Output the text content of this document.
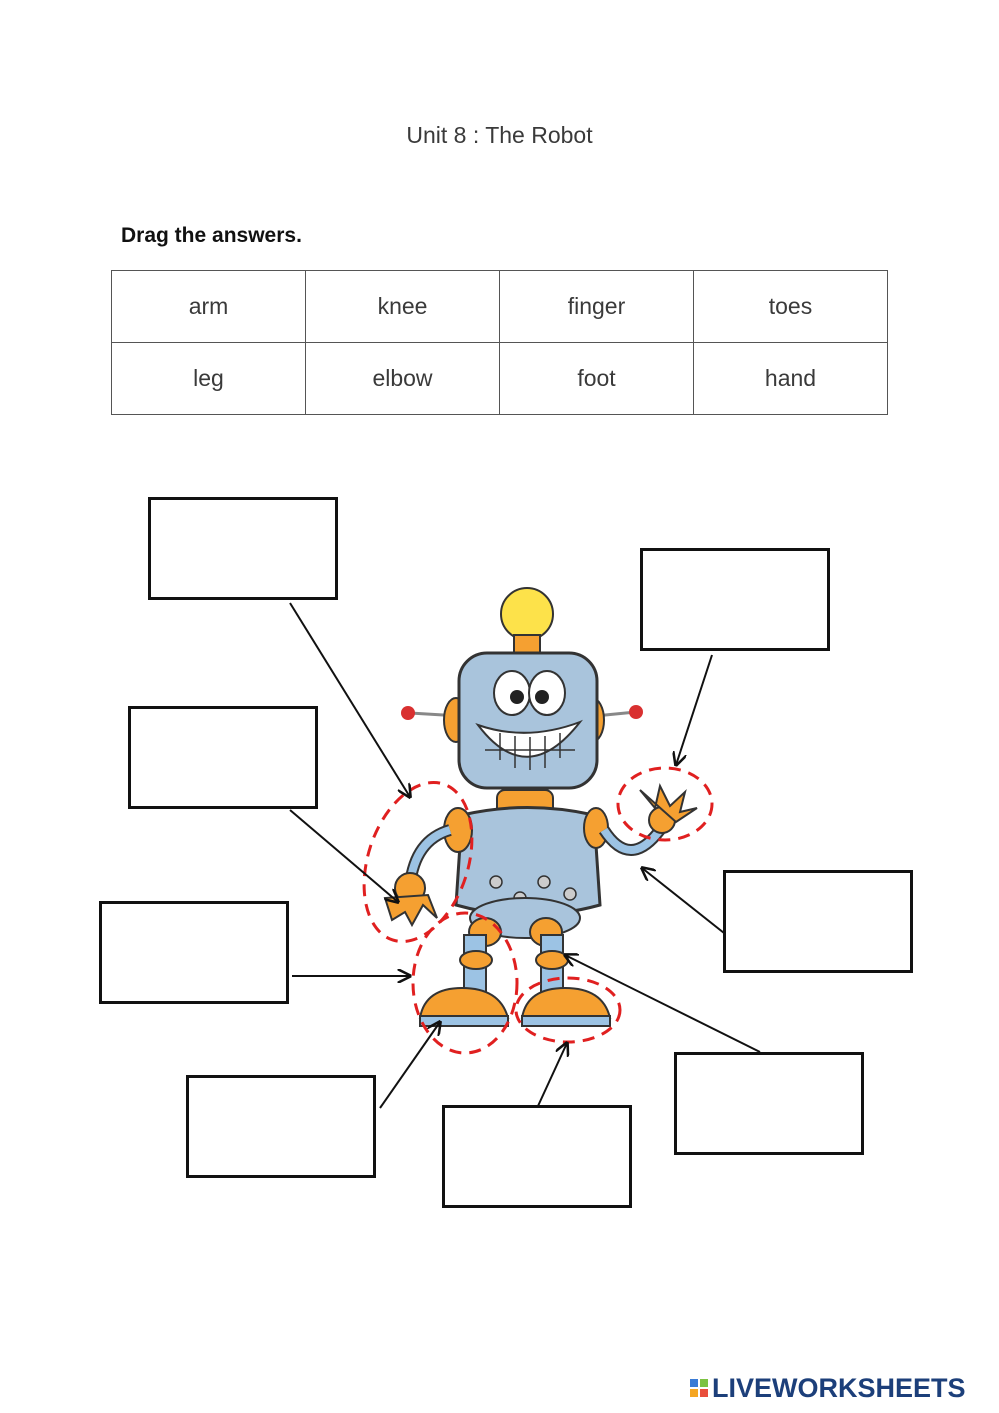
Unit 8 : The Robot
Drag the answers.
arm	knee	finger	toes
leg	elbow	foot	hand
LIVEWORKSHEETS
